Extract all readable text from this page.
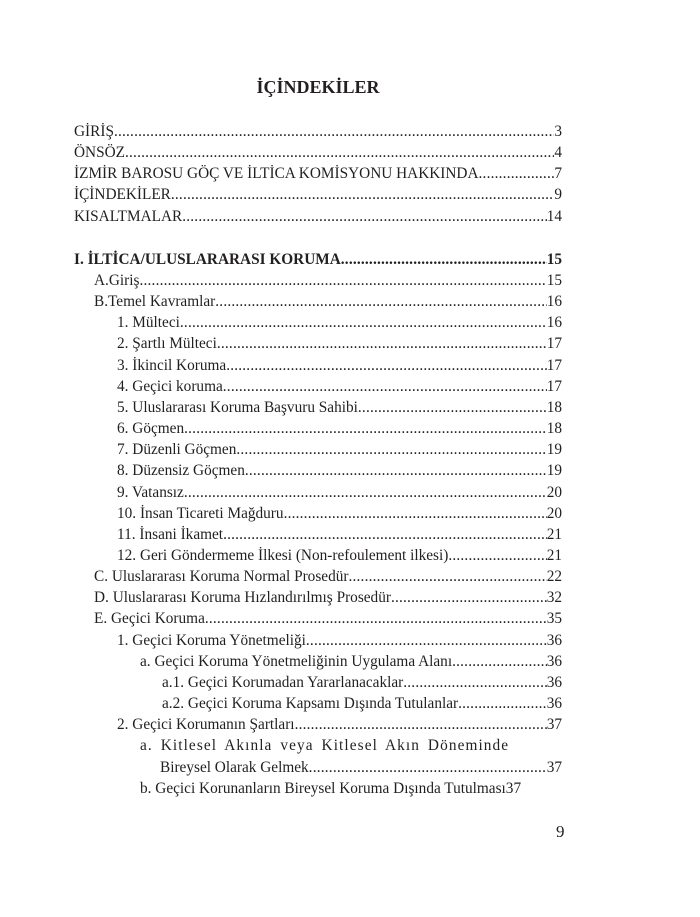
İÇİNDEKİLER
GİRİŞ .....	3
ÖNSÖZ .....	4
İZMİR BAROSU GÖÇ VE İLTİCA KOMİSYONU HAKKINDA .....	7
İÇİNDEKİLER .....	9
KISALTMALAR .....	14
I. İLTİCA/ULUSLARARASI KORUMA .....	15
A.Giriş .....	15
B.Temel Kavramlar .....	16
1. Mülteci .....	16
2. Şartlı Mülteci .....	17
3. İkincil Koruma .....	17
4. Geçici koruma .....	17
5. Uluslararası Koruma Başvuru Sahibi .....	18
6. Göçmen .....	18
7. Düzenli Göçmen .....	19
8. Düzensiz Göçmen .....	19
9. Vatansız .....	20
10. İnsan Ticareti Mağduru .....	20
11. İnsani İkamet .....	21
12. Geri Göndermeme İlkesi (Non-refoulement ilkesi) .....	21
C. Uluslararası Koruma Normal Prosedür .....	22
D. Uluslararası Koruma Hızlandırılmış Prosedür .....	32
E. Geçici Koruma .....	35
1. Geçici Koruma Yönetmeliği .....	36
a. Geçici Koruma Yönetmeliğinin Uygulama Alanı .....	36
a.1. Geçici Korumadan Yararlanacaklar .....	36
a.2. Geçici Koruma Kapsamı Dışında Tutulanlar .....	36
2. Geçici Korumanın Şartları .....	37
a. Kitlesel Akınla veya Kitlesel Akın Döneminde
Bireysel Olarak Gelmek .....	37
b. Geçici Korunanların Bireysel Koruma Dışında Tutulması 37
9
